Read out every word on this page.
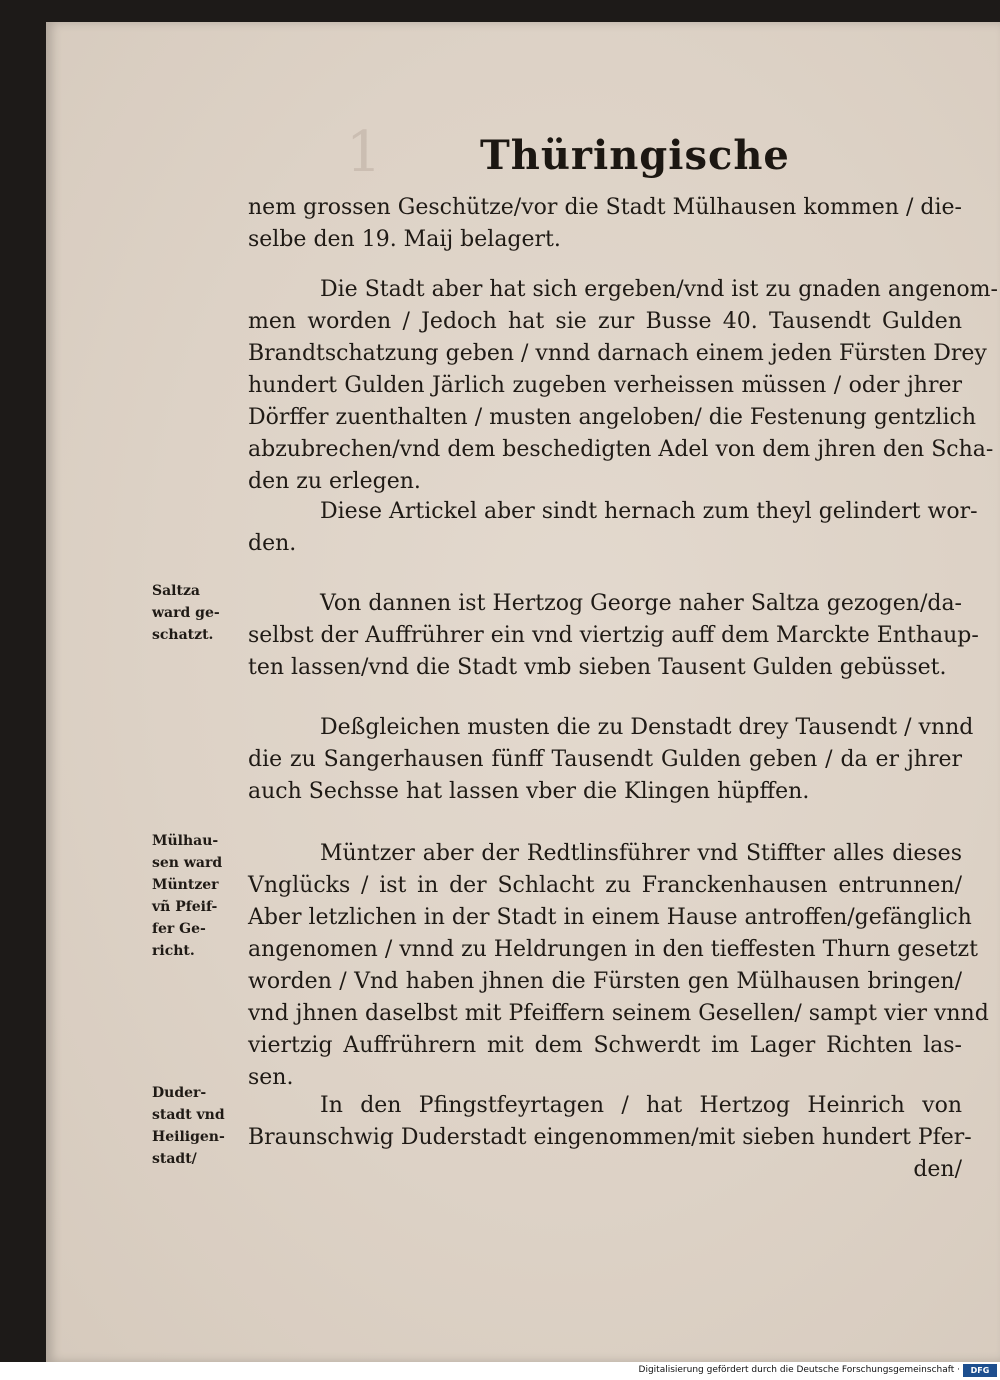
1	Thüringische
nem grossen Geschütze/vor die Stadt Mülhausen kommen / die-
selbe den 19. Maij belagert.
Die Stadt aber hat sich ergeben/vnd ist zu gnaden angenom-
men worden / Jedoch hat sie zur Busse 40. Tausendt Gulden
Brandtschatzung geben / vnnd darnach einem jeden Fürsten Drey
hundert Gulden Järlich zugeben verheissen müssen / oder jhrer
Dörffer zuenthalten / musten angeloben/ die Festenung gentzlich
abzubrechen/vnd dem beschedigten Adel von dem jhren den Scha-
den zu erlegen.
Diese Artickel aber sindt hernach zum theyl gelindert wor-
den.
Saltza
ward ge-
schatzt.
Von dannen ist Hertzog George naher Saltza gezogen/da-
selbst der Auffrührer ein vnd viertzig auff dem Marckte Enthaup-
ten lassen/vnd die Stadt vmb sieben Tausent Gulden gebüsset.
Deßgleichen musten die zu Denstadt drey Tausendt / vnnd
die zu Sangerhausen fünff Tausendt Gulden geben / da er jhrer
auch Sechsse hat lassen vber die Klingen hüpffen.
Mülhau-
sen ward
Müntzer
vñ Pfeif-
fer Ge-
richt.
Müntzer aber der Redtlinsführer vnd Stiffter alles dieses
Vnglücks / ist in der Schlacht zu Franckenhausen entrunnen/
Aber letzlichen in der Stadt in einem Hause antroffen/gefänglich
angenomen / vnnd zu Heldrungen in den tieffesten Thurn gesetzt
worden / Vnd haben jhnen die Fürsten gen Mülhausen bringen/
vnd jhnen daselbst mit Pfeiffern seinem Gesellen/ sampt vier vnnd
viertzig Auffrührern mit dem Schwerdt im Lager Richten las-
sen.
Duder-
stadt vnd
Heiligen-
stadt/
In den Pfingstfeyrtagen / hat Hertzog Heinrich von
Braunschwig Duderstadt eingenommen/mit sieben hundert Pfer-
den/
Digitalisierung gefördert durch die Deutsche Forschungsgemeinschaft ·	DFG
